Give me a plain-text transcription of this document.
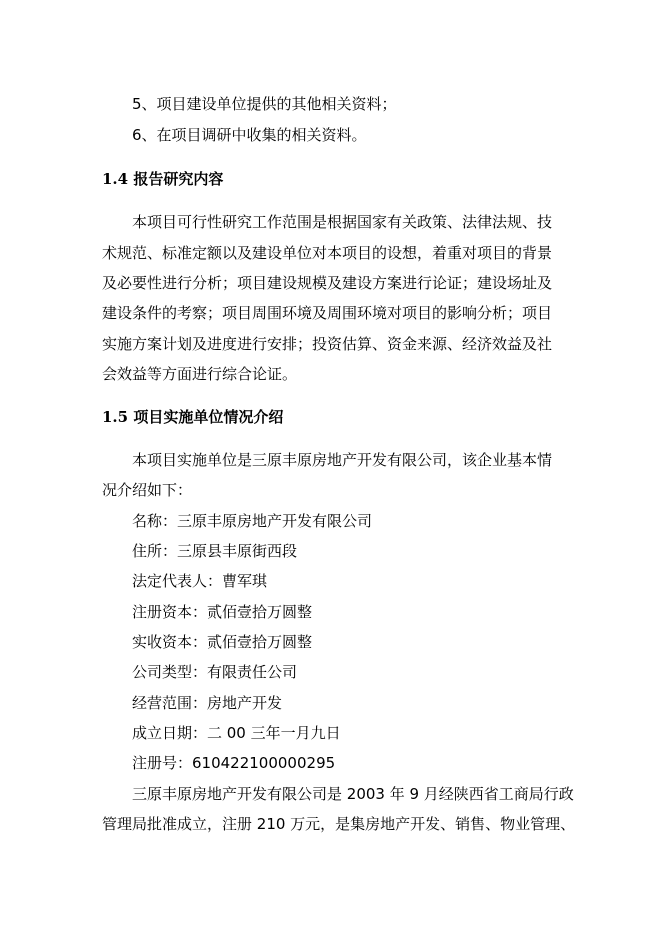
5、项目建设单位提供的其他相关资料；
6、在项目调研中收集的相关资料。
1.4 报告研究内容
本项目可行性研究工作范围是根据国家有关政策、法律法规、技
术规范、标准定额以及建设单位对本项目的设想，着重对项目的背景
及必要性进行分析；项目建设规模及建设方案进行论证；建设场址及
建设条件的考察；项目周围环境及周围环境对项目的影响分析；项目
实施方案计划及进度进行安排；投资估算、资金来源、经济效益及社
会效益等方面进行综合论证。
1.5 项目实施单位情况介绍
本项目实施单位是三原丰原房地产开发有限公司，该企业基本情
况介绍如下：
名称：三原丰原房地产开发有限公司
住所：三原县丰原街西段
法定代表人：曹军琪
注册资本：贰佰壹拾万圆整
实收资本：贰佰壹拾万圆整
公司类型：有限责任公司
经营范围：房地产开发
成立日期：二 00 三年一月九日
注册号：610422100000295
三原丰原房地产开发有限公司是 2003 年 9 月经陕西省工商局行政
管理局批准成立，注册 210 万元，是集房地产开发、销售、物业管理、
